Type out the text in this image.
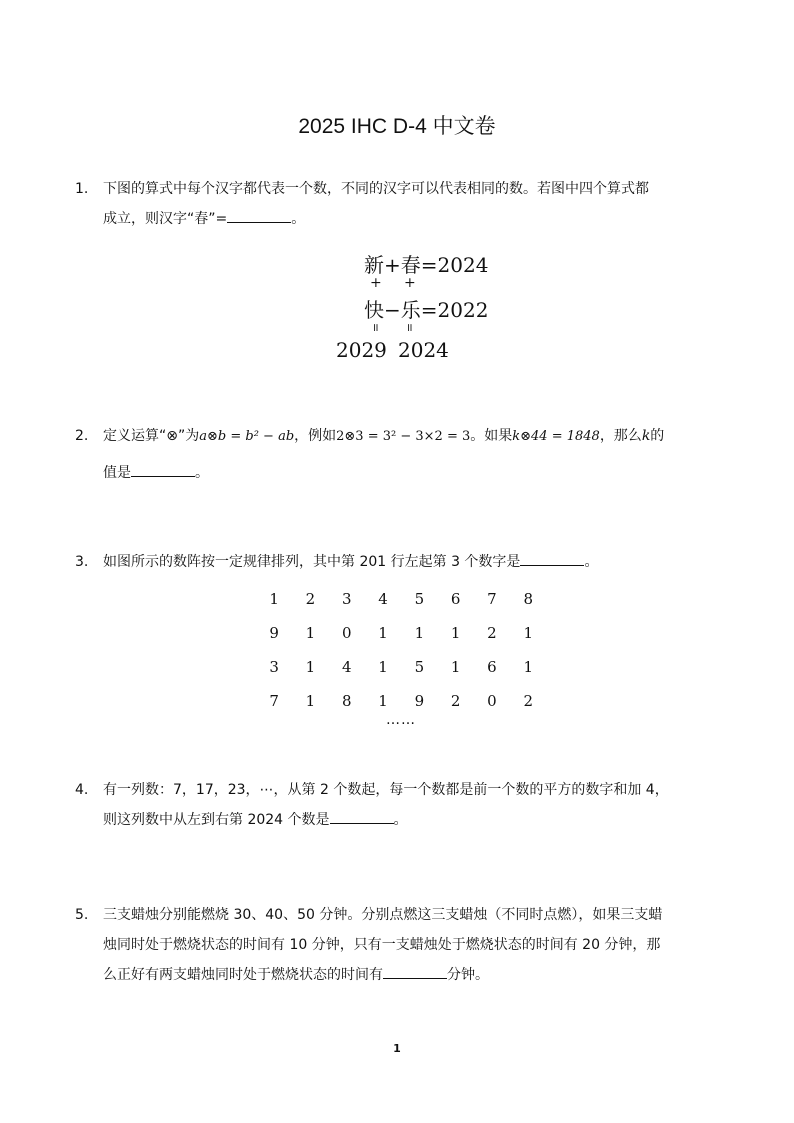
2025 IHC D-4 中文卷
1.	下图的算式中每个汉字都代表一个数，不同的汉字可以代表相同的数。若图中四个算式都
成立，则汉字“春”=	。
新+春=2024
+ +
快−乐=2022
॥ ॥
2029 2024
2.	定义运算“⊗”为a⊗b = b² − ab，例如2⊗3 = 3² − 3×2 = 3。如果k⊗44 = 1848，那么k的
值是	。
3.	如图所示的数阵按一定规律排列，其中第 201 行左起第 3 个数字是	。
1	2	3	4	5	6	7	8
9	1	0	1	1	1	2	1
3	1	4	1	5	1	6	1
7	1	8	1	9	2	0	2
……
4.	有一列数：7，17，23，⋯，从第 2 个数起，每一个数都是前一个数的平方的数字和加 4，
则这列数中从左到右第 2024 个数是	。
5.	三支蜡烛分别能燃烧 30、40、50 分钟。分别点燃这三支蜡烛（不同时点燃），如果三支蜡
烛同时处于燃烧状态的时间有 10 分钟，只有一支蜡烛处于燃烧状态的时间有 20 分钟，那
么正好有两支蜡烛同时处于燃烧状态的时间有	分钟。
1
